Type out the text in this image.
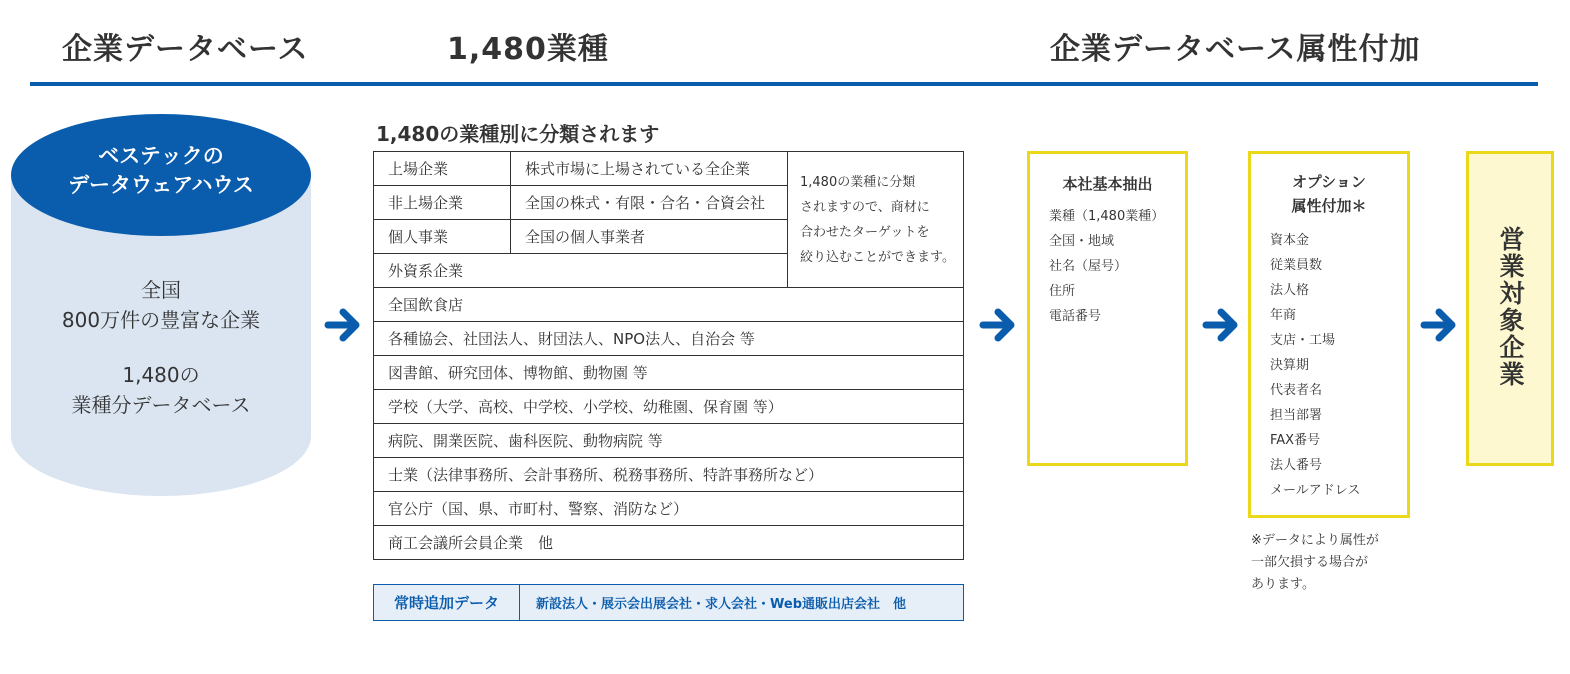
企業データベース	1,480業種	企業データベース属性付加
ベステックの
データウェアハウス
全国
800万件の豊富な企業
1,480の
業種分データベース
1,480の業種別に分類されます
上場企業	株式市場に上場されている全企業	1,480の業種に分類
されますので、商材に
合わせたターゲットを
絞り込むことができます。

非上場企業	全国の株式・有限・合名・合資会社	
個人事業	全国の個人事業者	
外資系企業		
全国飲食店		
各種協会、社団法人、財団法人、NPO法人、自治会 等		
図書館、研究団体、博物館、動物園 等		
学校（大学、高校、中学校、小学校、幼稚園、保育園 等）		
病院、開業医院、歯科医院、動物病院 等		
士業（法律事務所、会計事務所、税務事務所、特許事務所など）		
官公庁（国、県、市町村、警察、消防など）		
商工会議所会員企業　他		
常時追加データ	新設法人・展示会出展会社・求人会社・Web通販出店会社　他
本社基本抽出
業種（1,480業種）
全国・地域
社名（屋号）
住所
電話番号
オプション
属性付加＊
資本金
従業員数
法人格
年商
支店・工場
決算期
代表者名
担当部署
FAX番号
法人番号
メールアドレス
※データにより属性が
一部欠損する場合が
あります。
営業対象企業
